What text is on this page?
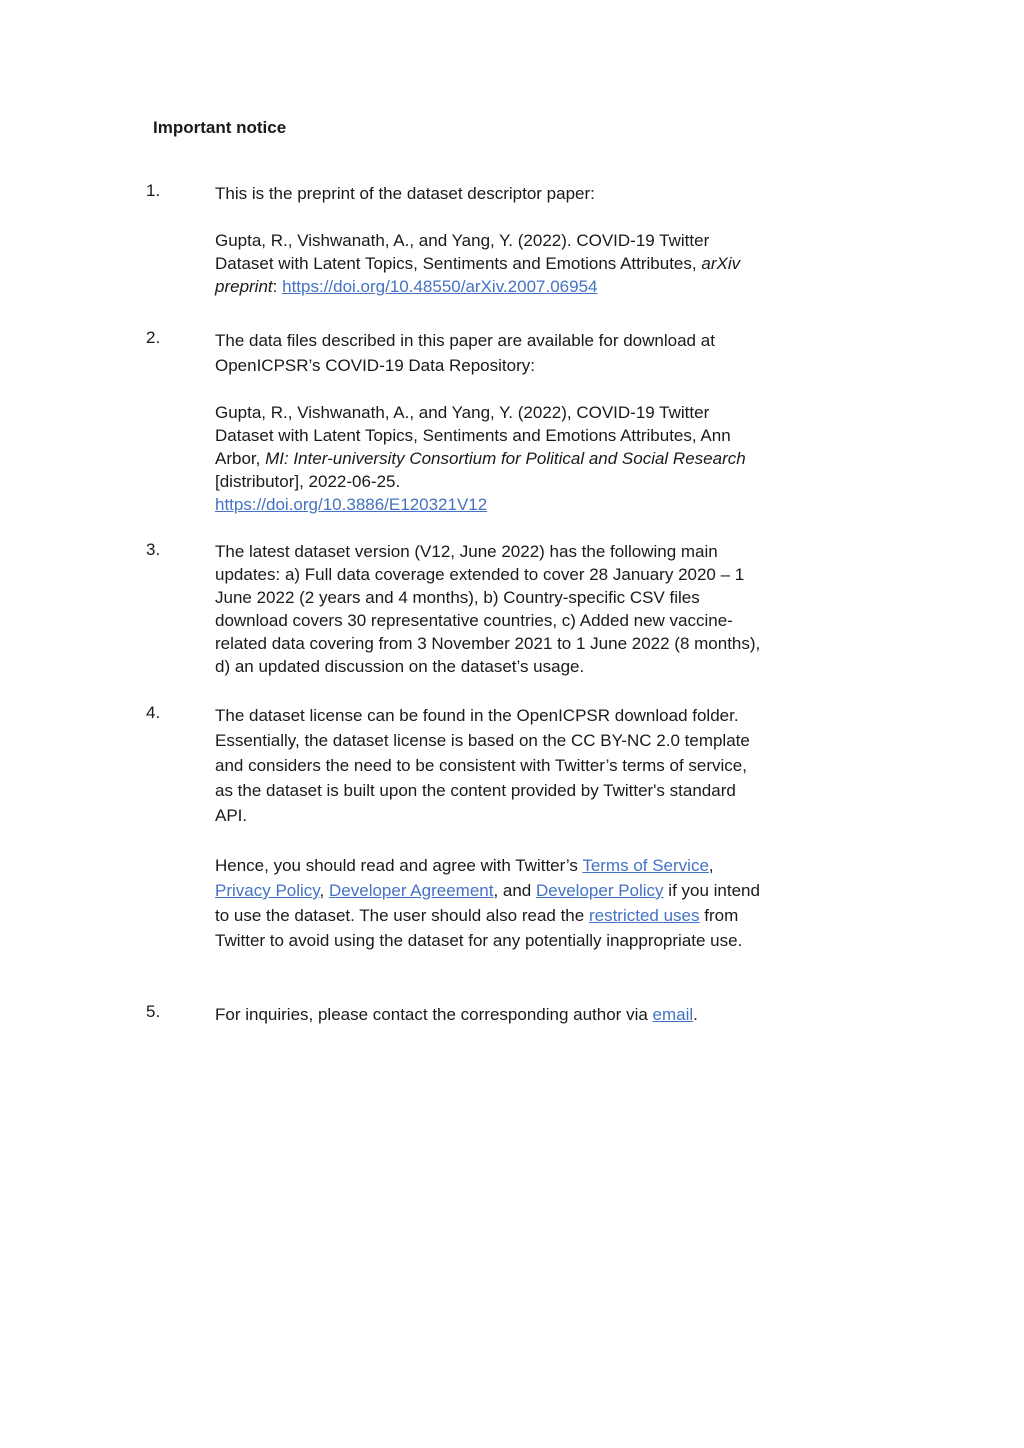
Important notice
1.	This is the preprint of the dataset descriptor paper:

Gupta, R., Vishwanath, A., and Yang, Y. (2022). COVID-19 Twitter Dataset with Latent Topics, Sentiments and Emotions Attributes, arXiv preprint: https://doi.org/10.48550/arXiv.2007.06954

2.	The data files described in this paper are available for download at OpenICPSR’s COVID-19 Data Repository:

Gupta, R., Vishwanath, A., and Yang, Y. (2022), COVID-19 Twitter Dataset with Latent Topics, Sentiments and Emotions Attributes, Ann Arbor, MI: Inter-university Consortium for Political and Social Research [distributor], 2022-06-25.
https://doi.org/10.3886/E120321V12

3.	The latest dataset version (V12, June 2022) has the following main updates: a) Full data coverage extended to cover 28 January 2020 – 1 June 2022 (2 years and 4 months), b) Country-specific CSV files download covers 30 representative countries, c) Added new vaccine-related data covering from 3 November 2021 to 1 June 2022 (8 months), d) an updated discussion on the dataset’s usage.

4.	The dataset license can be found in the OpenICPSR download folder. Essentially, the dataset license is based on the CC BY-NC 2.0 template and considers the need to be consistent with Twitter’s terms of service, as the dataset is built upon the content provided by Twitter's standard API.

Hence, you should read and agree with Twitter’s Terms of Service, Privacy Policy, Developer Agreement, and Developer Policy if you intend to use the dataset. The user should also read the restricted uses from Twitter to avoid using the dataset for any potentially inappropriate use.

5.	For inquiries, please contact the corresponding author via email.
